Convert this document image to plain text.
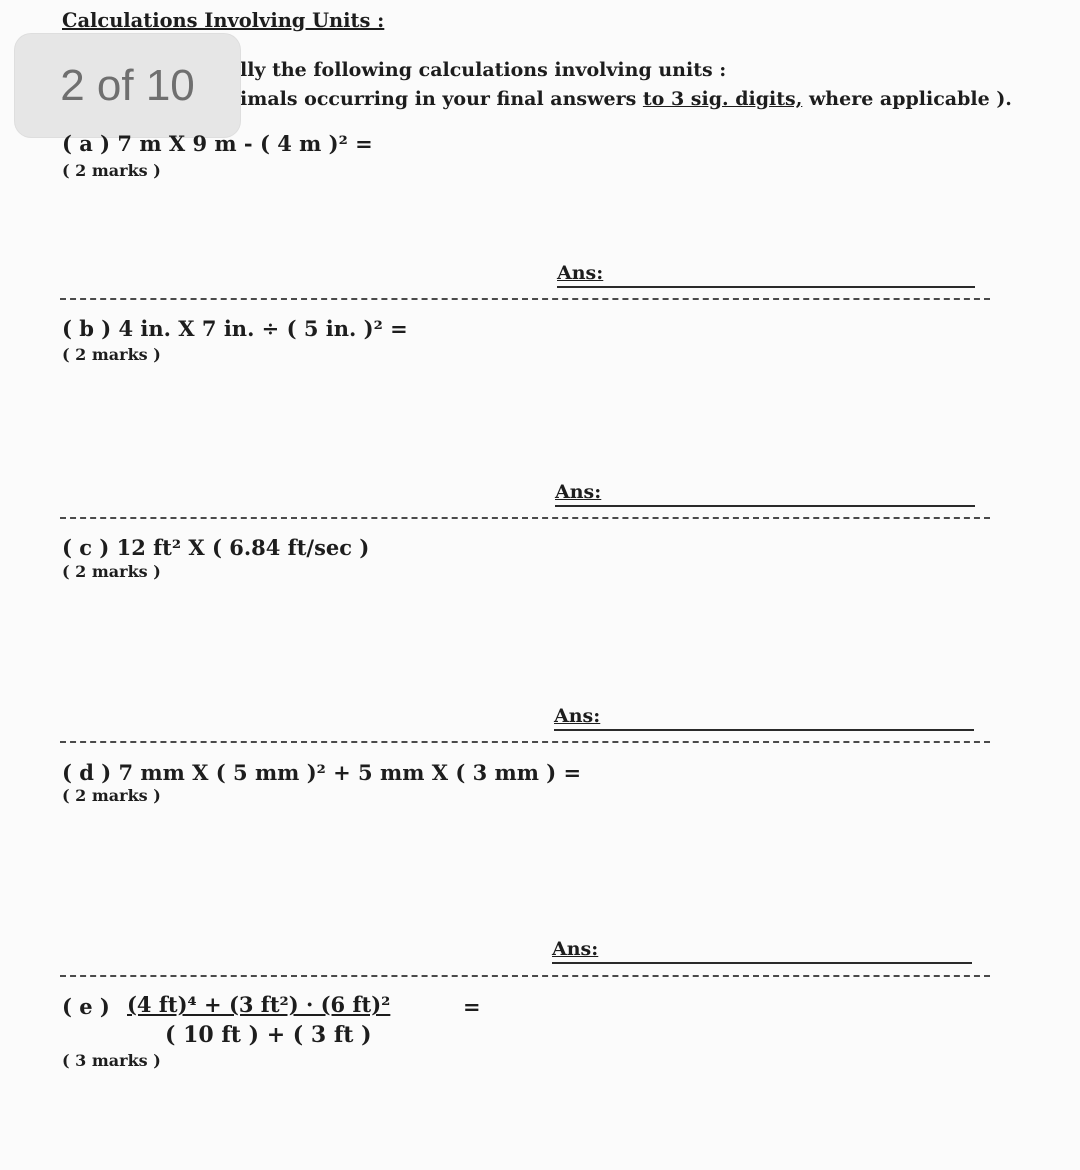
Calculations Involving Units :
lly the following calculations involving units :
imals occurring in your final answers to 3 sig. digits, where applicable ).
2 of 10
( a ) 7 m X 9 m - ( 4 m )² =
( 2 marks )
Ans:
( b ) 4 in. X 7 in. ÷ ( 5 in. )² =
( 2 marks )
Ans:
( c ) 12 ft² X ( 6.84 ft/sec )
( 2 marks )
Ans:
( d ) 7 mm X ( 5 mm )² + 5 mm X ( 3 mm ) =
( 2 marks )
Ans:
( e ) (4 ft)⁴ + (3 ft²) · (6 ft)²
( 10 ft ) + ( 3 ft )
=
( 3 marks )
